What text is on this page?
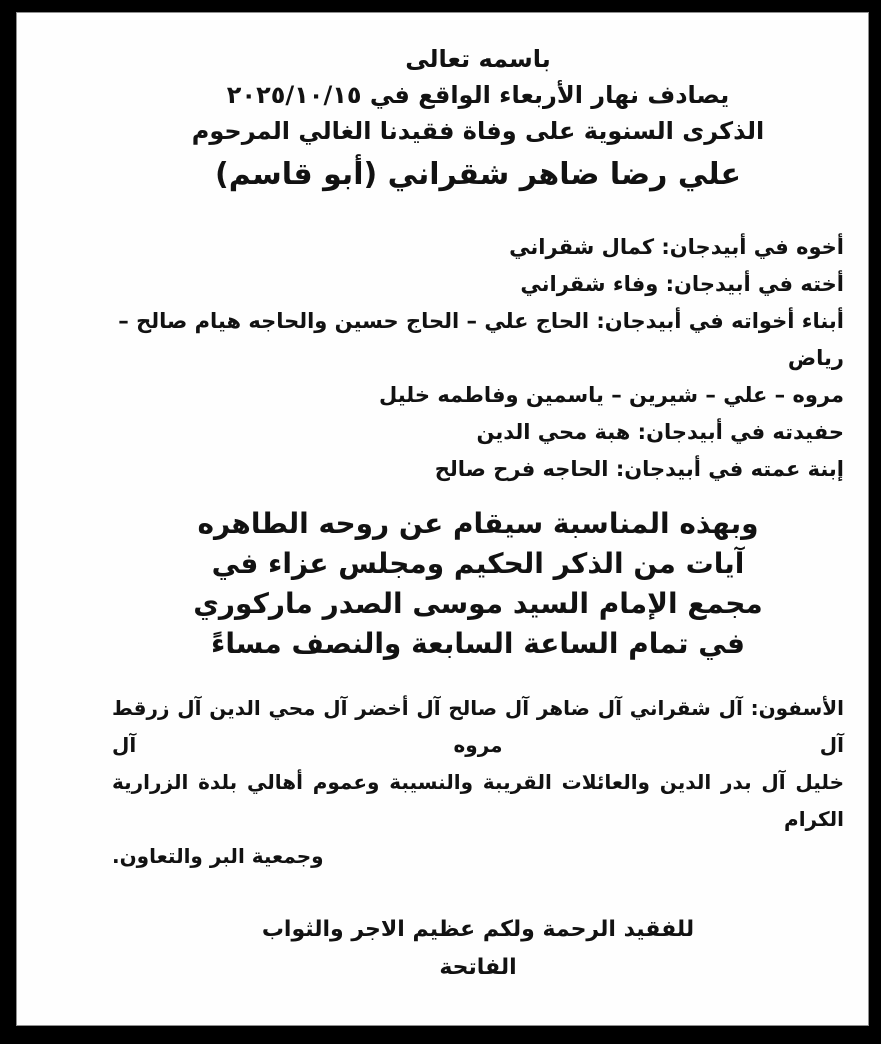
باسمه تعالى
يصادف نهار الأربعاء الواقع في ٢٠٢٥/١٠/١٥
الذكرى السنوية على وفاة فقيدنا الغالي المرحوم
علي رضا ضاهر شقراني (أبو قاسم)
أخوه في أبيدجان: كمال شقراني
أخته في أبيدجان: وفاء شقراني
أبناء أخواته في أبيدجان: الحاج علي – الحاج حسين والحاجه هيام صالح – رياض
مروه – علي – شيرين – ياسمين وفاطمه خليل
حفيدته في أبيدجان: هبة محي الدين
إبنة عمته في أبيدجان: الحاجه فرح صالح
وبهذه المناسبة سيقام عن روحه الطاهره
آيات من الذكر الحكيم ومجلس عزاء في
مجمع الإمام السيد موسى الصدر ماركوري
في تمام الساعة السابعة والنصف مساءً
الأسفون: آل شقراني آل ضاهر آل صالح آل أخضر آل محي الدين آل زرقط آل مروه آل
خليل آل بدر الدين والعائلات القريبة والنسيبة وعموم أهالي بلدة الزرارية الكرام
وجمعية البر والتعاون.
للفقيد الرحمة ولكم عظيم الاجر والثواب
الفاتحة
